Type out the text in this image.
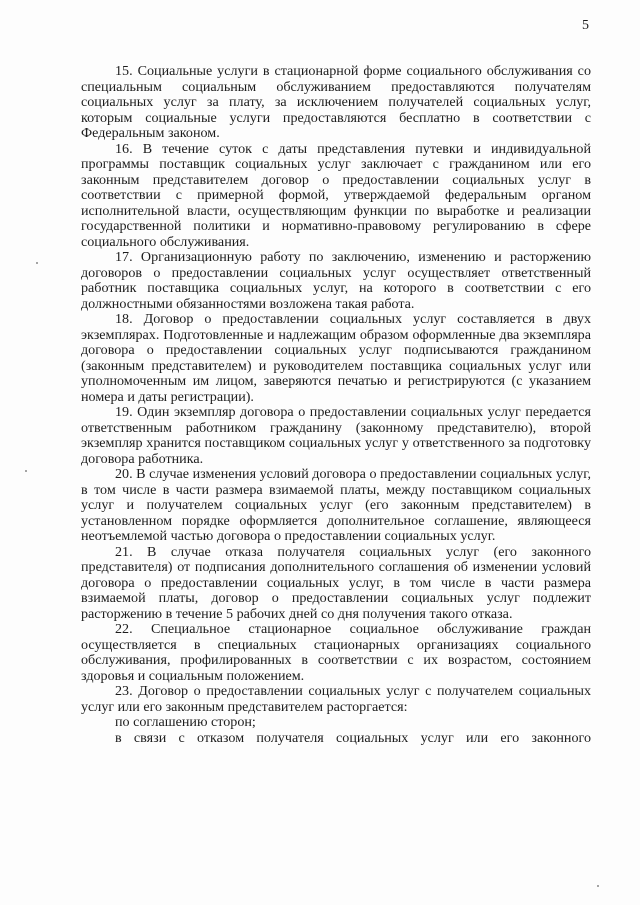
5

15. Социальные услуги в стационарной форме социального обслуживания со специальным социальным обслуживанием предоставляются получателям социальных услуг за плату, за исключением получателей социальных услуг, которым социальные услуги предоставляются бесплатно в соответствии с Федеральным законом.

16. В течение суток с даты представления путевки и индивидуальной программы поставщик социальных услуг заключает с гражданином или его законным представителем договор о предоставлении социальных услуг в соответствии с примерной формой, утверждаемой федеральным органом исполнительной власти, осуществляющим функции по выработке и реализации государственной политики и нормативно-правовому регулированию в сфере социального обслуживания.

17. Организационную работу по заключению, изменению и расторжению договоров о предоставлении социальных услуг осуществляет ответственный работник поставщика социальных услуг, на которого в соответствии с его должностными обязанностями возложена такая работа.

18. Договор о предоставлении социальных услуг составляется в двух экземплярах. Подготовленные и надлежащим образом оформленные два экземпляра договора о предоставлении социальных услуг подписываются гражданином (законным представителем) и руководителем поставщика социальных услуг или уполномоченным им лицом, заверяются печатью и регистрируются (с указанием номера и даты регистрации).

19. Один экземпляр договора о предоставлении социальных услуг передается ответственным работником гражданину (законному представителю), второй экземпляр хранится поставщиком социальных услуг у ответственного за подготовку договора работника.

20. В случае изменения условий договора о предоставлении социальных услуг, в том числе в части размера взимаемой платы, между поставщиком социальных услуг и получателем социальных услуг (его законным представителем) в установленном порядке оформляется дополнительное соглашение, являющееся неотъемлемой частью договора о предоставлении социальных услуг.

21. В случае отказа получателя социальных услуг (его законного представителя) от подписания дополнительного соглашения об изменении условий договора о предоставлении социальных услуг, в том числе в части размера взимаемой платы, договор о предоставлении социальных услуг подлежит расторжению в течение 5 рабочих дней со дня получения такого отказа.

22. Специальное стационарное социальное обслуживание граждан осуществляется в специальных стационарных организациях социального обслуживания, профилированных в соответствии с их возрастом, состоянием здоровья и социальным положением.

23. Договор о предоставлении социальных услуг с получателем социальных услуг или его законным представителем расторгается:

по соглашению сторон;

в связи с отказом получателя социальных услуг или его законного
